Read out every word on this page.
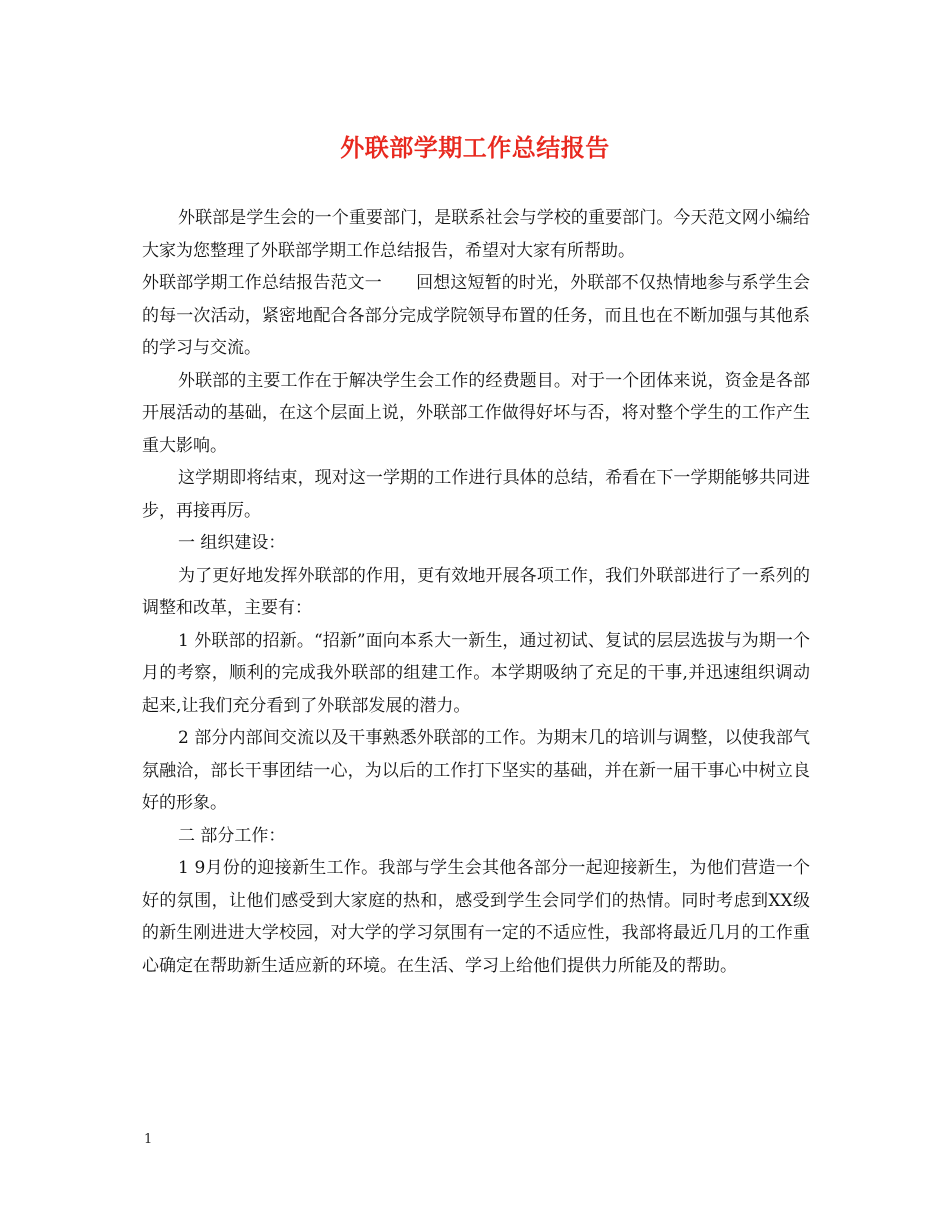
外联部学期工作总结报告

外联部是学生会的一个重要部门，是联系社会与学校的重要部门。今天范文网小编给大家为您整理了外联部学期工作总结报告，希望对大家有所帮助。

外联部学期工作总结报告范文一　　回想这短暂的时光，外联部不仅热情地参与系学生会的每一次活动，紧密地配合各部分完成学院领导布置的任务，而且也在不断加强与其他系的学习与交流。

外联部的主要工作在于解决学生会工作的经费题目。对于一个团体来说，资金是各部开展活动的基础，在这个层面上说，外联部工作做得好坏与否，将对整个学生的工作产生重大影响。

这学期即将结束，现对这一学期的工作进行具体的总结，希看在下一学期能够共同进步，再接再厉。

一 组织建设：

为了更好地发挥外联部的作用，更有效地开展各项工作，我们外联部进行了一系列的调整和改革，主要有：

1 外联部的招新。“招新”面向本系大一新生，通过初试、复试的层层选拔与为期一个月的考察，顺利的完成我外联部的组建工作。本学期吸纳了充足的干事,并迅速组织调动起来,让我们充分看到了外联部发展的潜力。

2 部分内部间交流以及干事熟悉外联部的工作。为期末几的培训与调整，以使我部气氛融洽，部长干事团结一心，为以后的工作打下坚实的基础，并在新一届干事心中树立良好的形象。

二 部分工作：

1 9月份的迎接新生工作。我部与学生会其他各部分一起迎接新生，为他们营造一个好的氛围，让他们感受到大家庭的热和，感受到学生会同学们的热情。同时考虑到XX级的新生刚进进大学校园，对大学的学习氛围有一定的不适应性，我部将最近几月的工作重心确定在帮助新生适应新的环境。在生活、学习上给他们提供力所能及的帮助。

1
